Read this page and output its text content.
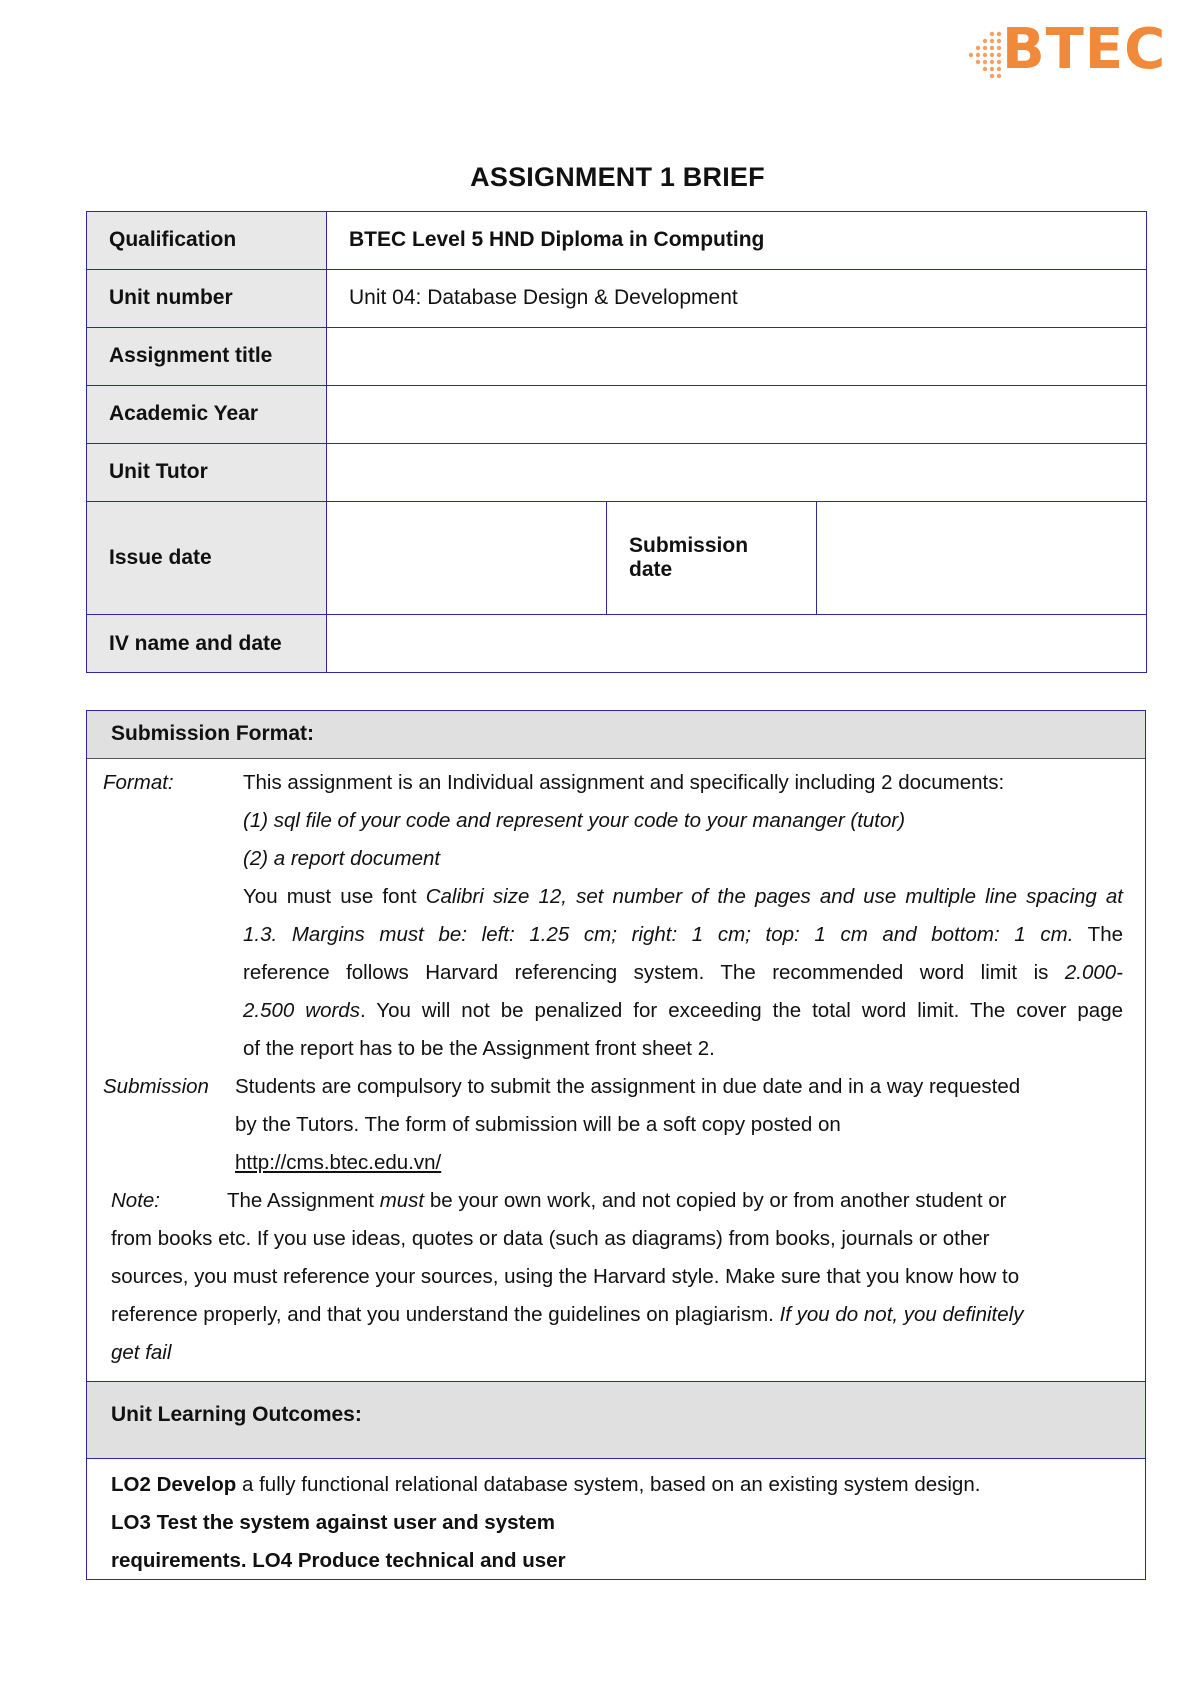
BTEC
ASSIGNMENT 1 BRIEF
Qualification	BTEC Level 5 HND Diploma in Computing		
Unit number	Unit 04: Database Design & Development		
Assignment title			
Academic Year			
Unit Tutor			
Issue date		Submission date	
IV name and date			
Submission Format:
Format:	This assignment is an Individual assignment and specifically including 2 documents:
(1) sql file of your code and represent your code to your mananger (tutor)
(2) a report document
You must use font Calibri size 12, set number of the pages and use multiple line spacing at
1.3. Margins must be: left: 1.25 cm; right: 1 cm; top: 1 cm and bottom: 1 cm. The
reference follows Harvard referencing system. The recommended word limit is 2.000-
2.500 words. You will not be penalized for exceeding the total word limit. The cover page
of the report has to be the Assignment front sheet 2.
Submission Students are compulsory to submit the assignment in due date and in a way requested
by the Tutors. The form of submission will be a soft copy posted on
http://cms.btec.edu.vn/
Note:	The Assignment must be your own work, and not copied by or from another student or
from books etc. If you use ideas, quotes or data (such as diagrams) from books, journals or other
sources, you must reference your sources, using the Harvard style. Make sure that you know how to
reference properly, and that you understand the guidelines on plagiarism. If you do not, you definitely
get fail
Unit Learning Outcomes:
LO2 Develop a fully functional relational database system, based on an existing system design.
LO3 Test the system against user and system
requirements. LO4 Produce technical and user
